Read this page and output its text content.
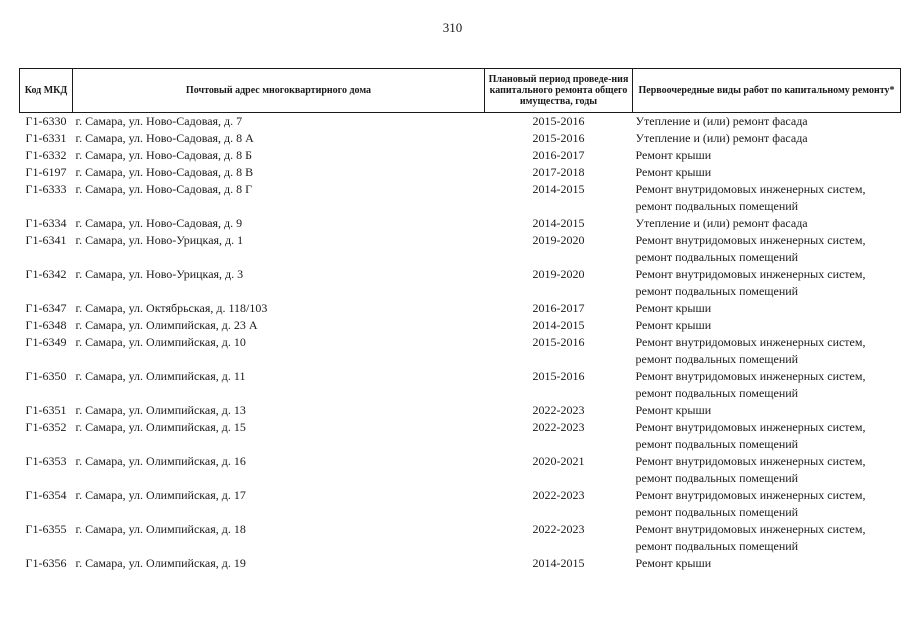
310
Код МКД	Почтовый адрес многоквартирного дома	Плановый период проведе-ния капитального ремонта общего имущества, годы	Первоочередные виды работ по капитальному ремонту*
Г1-6330	г. Самара, ул. Ново-Садовая, д. 7	2015-2016	Утепление и (или) ремонт фасада

Г1-6331	г. Самара, ул. Ново-Садовая, д. 8 А	2015-2016	Утепление и (или) ремонт фасада

Г1-6332	г. Самара, ул. Ново-Садовая, д. 8 Б	2016-2017	Ремонт крыши

Г1-6197	г. Самара, ул. Ново-Садовая, д. 8 В	2017-2018	Ремонт крыши

Г1-6333	г. Самара, ул. Ново-Садовая, д. 8 Г	2014-2015	Ремонт внутридомовых инженерных систем,
ремонт подвальных помещений

Г1-6334	г. Самара, ул. Ново-Садовая, д. 9	2014-2015	Утепление и (или) ремонт фасада

Г1-6341	г. Самара, ул. Ново-Урицкая, д. 1	2019-2020	Ремонт внутридомовых инженерных систем,
ремонт подвальных помещений

Г1-6342	г. Самара, ул. Ново-Урицкая, д. 3	2019-2020	Ремонт внутридомовых инженерных систем,
ремонт подвальных помещений

Г1-6347	г. Самара, ул. Октябрьская, д. 118/103	2016-2017	Ремонт крыши

Г1-6348	г. Самара, ул. Олимпийская, д. 23 А	2014-2015	Ремонт крыши

Г1-6349	г. Самара, ул. Олимпийская, д. 10	2015-2016	Ремонт внутридомовых инженерных систем,
ремонт подвальных помещений

Г1-6350	г. Самара, ул. Олимпийская, д. 11	2015-2016	Ремонт внутридомовых инженерных систем,
ремонт подвальных помещений

Г1-6351	г. Самара, ул. Олимпийская, д. 13	2022-2023	Ремонт крыши

Г1-6352	г. Самара, ул. Олимпийская, д. 15	2022-2023	Ремонт внутридомовых инженерных систем,
ремонт подвальных помещений

Г1-6353	г. Самара, ул. Олимпийская, д. 16	2020-2021	Ремонт внутридомовых инженерных систем,
ремонт подвальных помещений

Г1-6354	г. Самара, ул. Олимпийская, д. 17	2022-2023	Ремонт внутридомовых инженерных систем,
ремонт подвальных помещений

Г1-6355	г. Самара, ул. Олимпийская, д. 18	2022-2023	Ремонт внутридомовых инженерных систем,
ремонт подвальных помещений

Г1-6356	г. Самара, ул. Олимпийская, д. 19	2014-2015	Ремонт крыши
